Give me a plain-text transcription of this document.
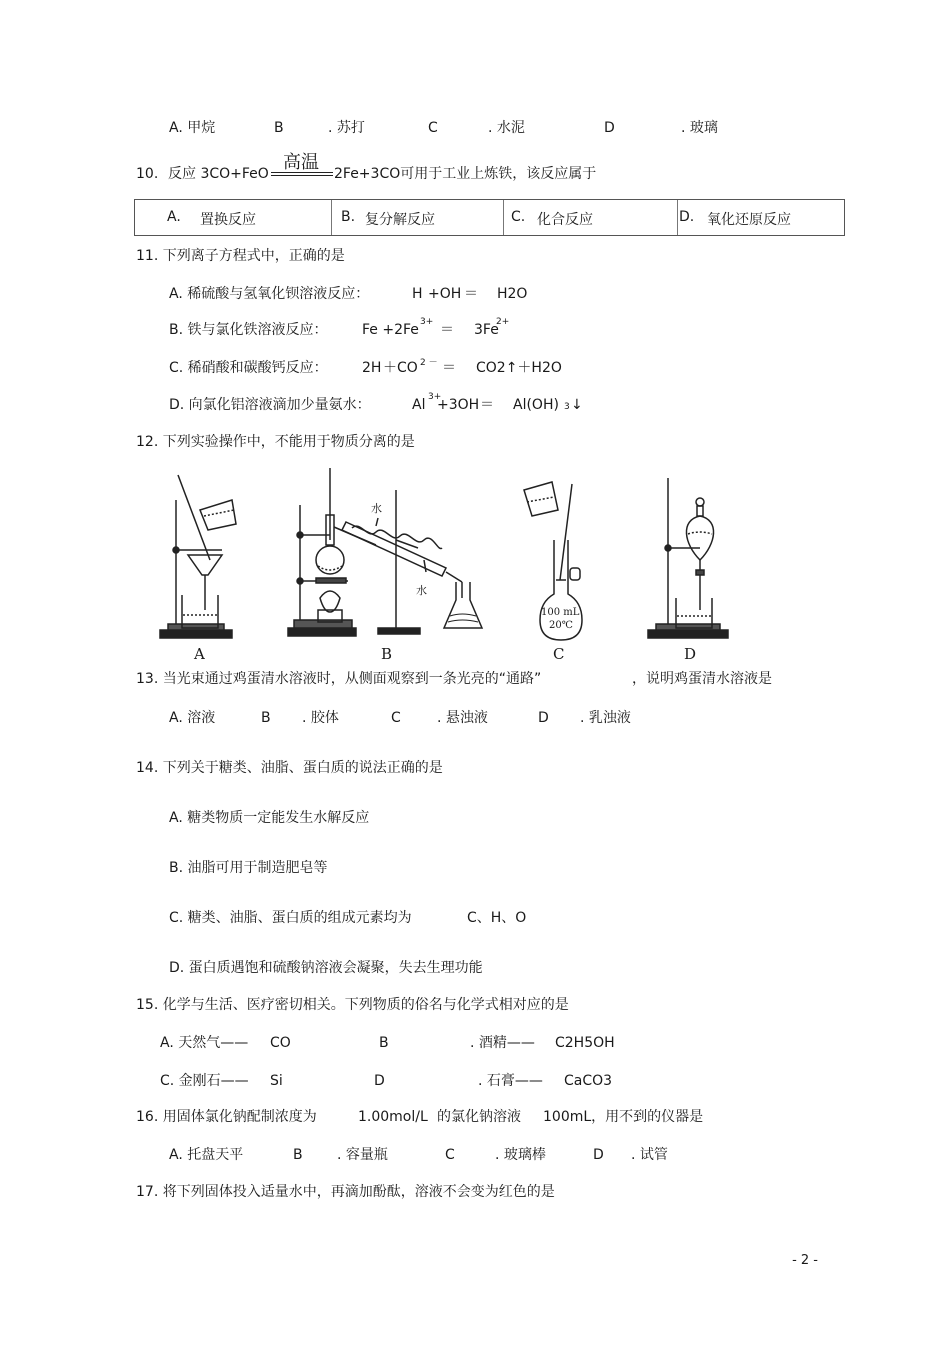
A. 甲烷	B	. 苏打	C	. 水泥	D	. 玻璃
10. 反应 3CO+FeO
高温
2Fe+3CO可用于工业上炼铁，该反应属于
A. 置换反应	B. 复分解反应	C. 化合反应	D. 氧化还原反应
11. 下列离子方程式中，正确的是
A. 稀硫酸与氢氧化钡溶液反应：	H +OH ＝ H2O
B. 铁与氯化铁溶液反应： Fe +2Fe 3+ ＝ 3Fe
2+
C. 稀硝酸和碳酸钙反应： 2H ＋CO 2 － ＝ CO2↑＋H2O
D. 向氯化铝溶液滴加少量氨水：	Al 3+
+3OH ＝ Al(OH) 3 ↓
12. 下列实验操作中，不能用于物质分离的是
水
水
100 mL
20℃
A	B	C	D
13. 当光束通过鸡蛋清水溶液时，从侧面观察到一条光亮的“通路”	，说明鸡蛋清水溶液是
A. 溶液	B . 胶体	C	. 悬浊液	D . 乳浊液
14. 下列关于糖类、油脂、蛋白质的说法正确的是
A. 糖类物质一定能发生水解反应
B. 油脂可用于制造肥皂等
C. 糖类、油脂、蛋白质的组成元素均为	C、H、O
D. 蛋白质遇饱和硫酸钠溶液会凝聚，失去生理功能
15. 化学与生活、医疗密切相关。下列物质的俗名与化学式相对应的是
A. 天然气—— CO	B	. 酒精—— C2H5OH
C. 金刚石—— Si	D	. 石膏—— CaCO3
16. 用固体氯化钠配制浓度为	1.00mol/L 的氯化钠溶液 100mL，用不到的仪器是
A. 托盘天平	B . 容量瓶	C	. 玻璃棒	D . 试管
17. 将下列固体投入适量水中，再滴加酚酞，溶液不会变为红色的是
- 2 -
